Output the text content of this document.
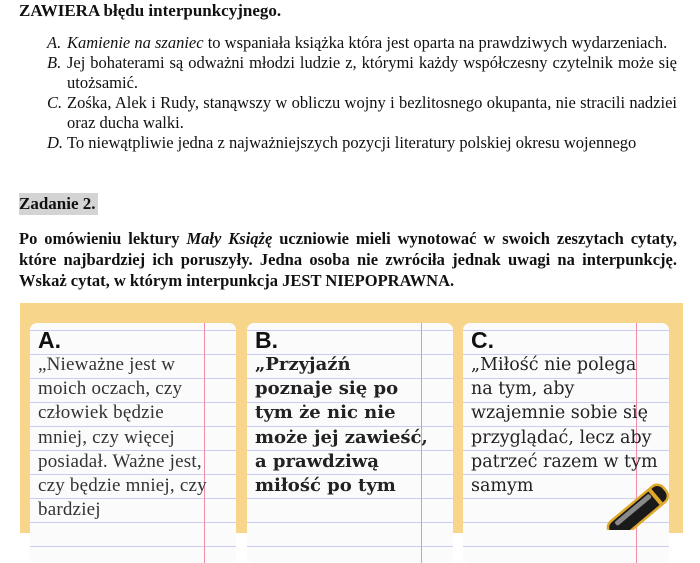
ZAWIERA błędu interpunkcyjnego.
A. Kamienie na szaniec to wspaniała książka która jest oparta na prawdziwych wydarzeniach.
B. Jej bohaterami są odważni młodzi ludzie z, którymi każdy współczesny czytelnik może się utożsamić.
C. Zośka, Alek i Rudy, stanąwszy w obliczu wojny i bezlitosnego okupanta, nie stracili nadziei oraz ducha walki.
D. To niewątpliwie jedna z najważniejszych pozycji literatury polskiej okresu wojennego
Zadanie 2.
Po omówieniu lektury Mały Książę uczniowie mieli wynotować w swoich zeszytach cytaty, które najbardziej ich poruszyły. Jedna osoba nie zwróciła jednak uwagi na interpunkcję. Wskaż cytat, w którym interpunkcja JEST NIEPOPRAWNA.
A.
„Nieważne jest w moich oczach, czy człowiek będzie mniej, czy więcej posiadał. Ważne jest, czy będzie mniej, czy bardziej
B.
„Przyjaźń poznaje się po tym że nic nie może jej zawieść, a prawdziwą miłość po tym
C.
„Miłość nie polega na tym, aby wzajemnie sobie się przyglądać, lecz aby patrzeć razem w tym samym
